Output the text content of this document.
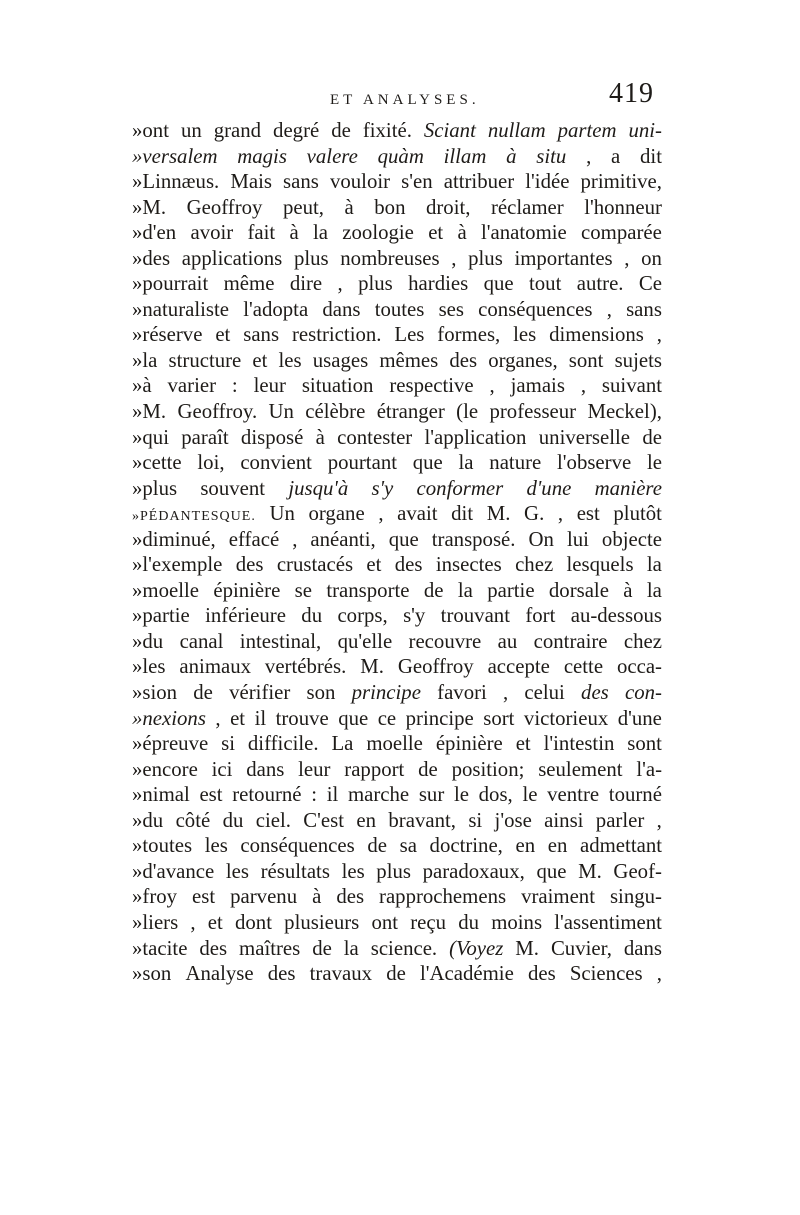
ET ANALYSES.	419
»ont un grand degré de fixité. Sciant nullam partem uni-
»versalem magis valere quàm illam à situ , a dit
»Linnæus. Mais sans vouloir s'en attribuer l'idée primitive,
»M. Geoffroy peut, à bon droit, réclamer l'honneur
»d'en avoir fait à la zoologie et à l'anatomie comparée
»des applications plus nombreuses , plus importantes , on
»pourrait même dire , plus hardies que tout autre. Ce
»naturaliste l'adopta dans toutes ses conséquences , sans
»réserve et sans restriction. Les formes, les dimensions ,
»la structure et les usages mêmes des organes, sont sujets
»à varier : leur situation respective , jamais , suivant
»M. Geoffroy. Un célèbre étranger (le professeur Meckel),
»qui paraît disposé à contester l'application universelle de
»cette loi, convient pourtant que la nature l'observe le
»plus souvent jusqu'à s'y conformer d'une manière
»PÉDANTESQUE. Un organe , avait dit M. G. , est plutôt
»diminué, effacé , anéanti, que transposé. On lui objecte
»l'exemple des crustacés et des insectes chez lesquels la
»moelle épinière se transporte de la partie dorsale à la
»partie inférieure du corps, s'y trouvant fort au-dessous
»du canal intestinal, qu'elle recouvre au contraire chez
»les animaux vertébrés. M. Geoffroy accepte cette occa-
»sion de vérifier son principe favori , celui des con-
»nexions , et il trouve que ce principe sort victorieux d'une
»épreuve si difficile. La moelle épinière et l'intestin sont
»encore ici dans leur rapport de position; seulement l'a-
»nimal est retourné : il marche sur le dos, le ventre tourné
»du côté du ciel. C'est en bravant, si j'ose ainsi parler ,
»toutes les conséquences de sa doctrine, en en admettant
»d'avance les résultats les plus paradoxaux, que M. Geof-
»froy est parvenu à des rapprochemens vraiment singu-
»liers , et dont plusieurs ont reçu du moins l'assentiment
»tacite des maîtres de la science. (Voyez M. Cuvier, dans
»son Analyse des travaux de l'Académie des Sciences ,
